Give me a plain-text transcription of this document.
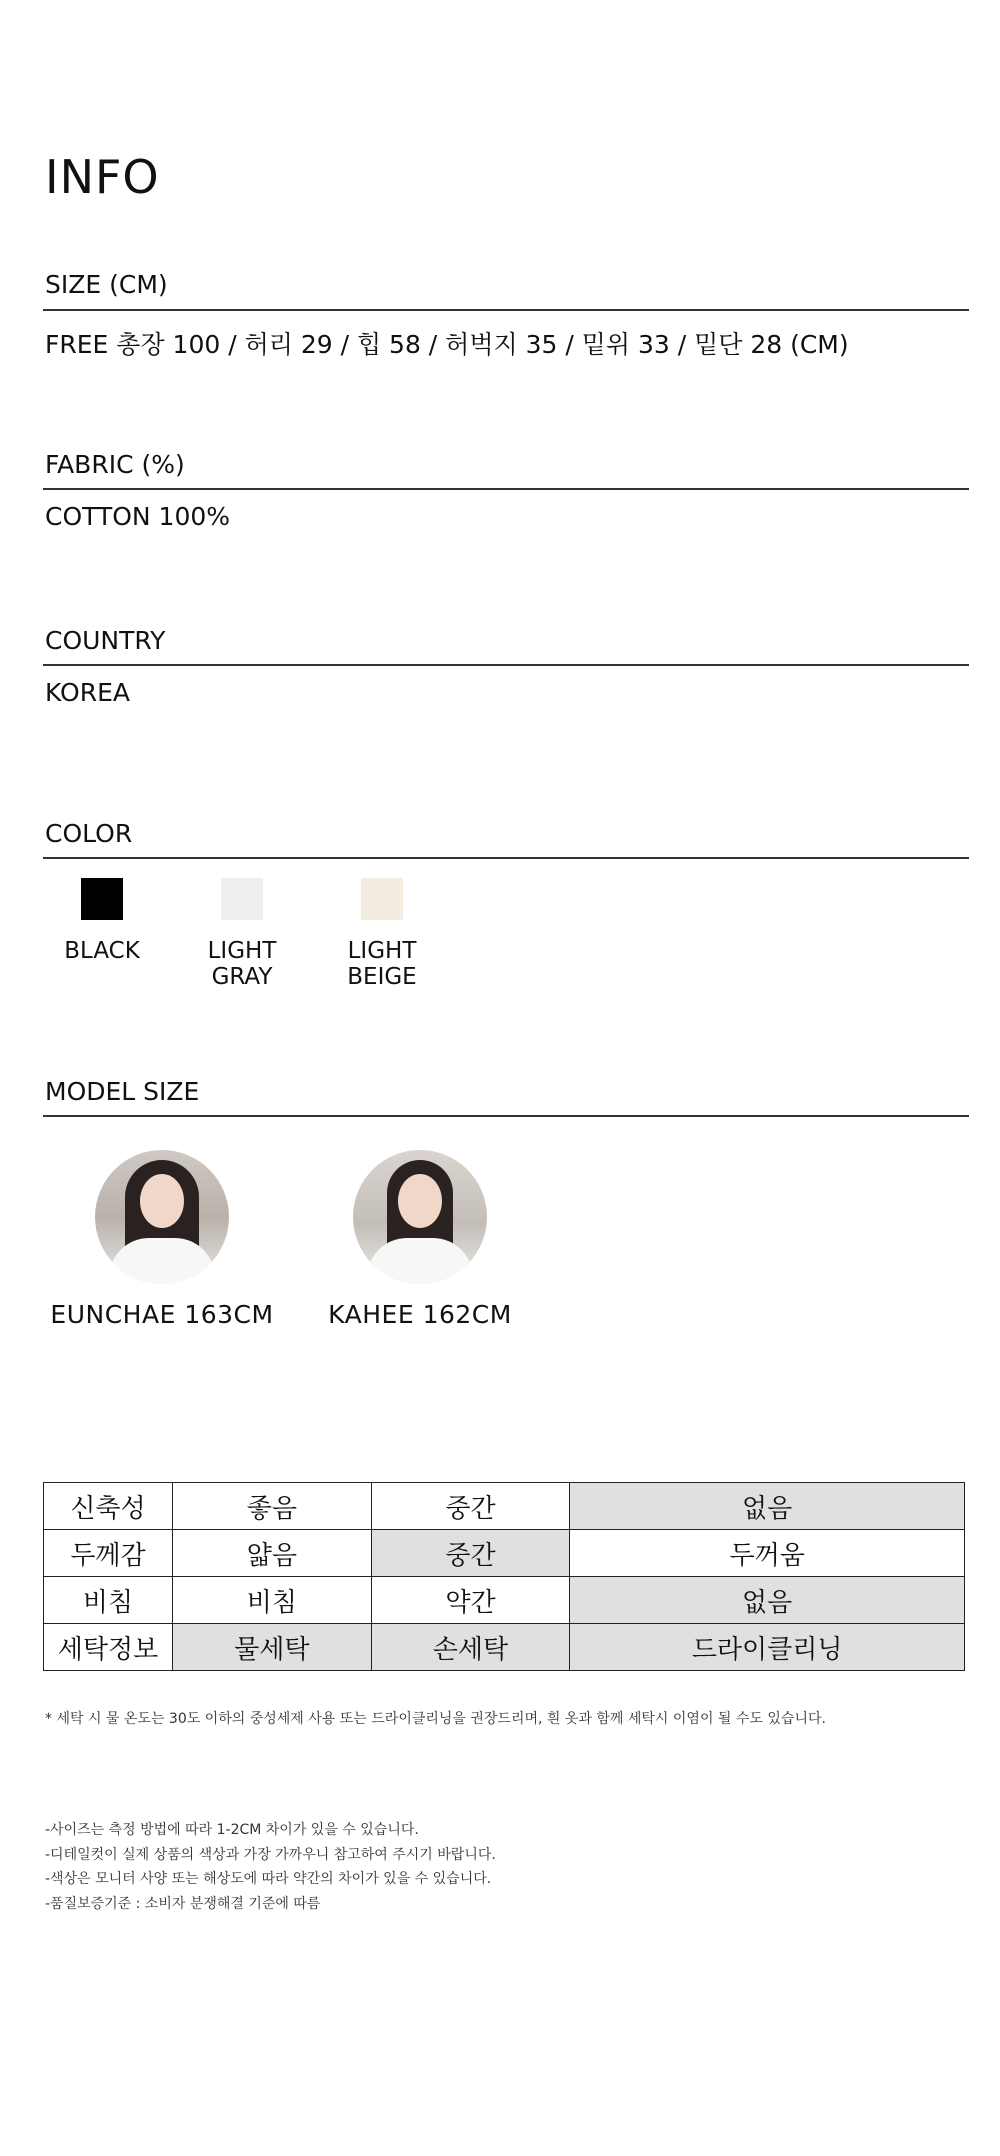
INFO
SIZE (CM)
FREE 총장 100 / 허리 29 / 힙 58 / 허벅지 35 / 밑위 33 / 밑단 28 (CM)
FABRIC (%)
COTTON 100%
COUNTRY
KOREA
COLOR
BLACK	LIGHT GRAY
LIGHT BEIGE
MODEL SIZE
EUNCHAE 163CM	KAHEE 162CM
신축성	좋음	중간	없음
두께감	얇음	중간	두꺼움
비침	비침	약간	없음
세탁정보	물세탁	손세탁	드라이클리닝
* 세탁 시 물 온도는 30도 이하의 중성세제 사용 또는 드라이클리닝을 권장드리며, 흰 옷과 함께 세탁시 이염이 될 수도 있습니다.
-사이즈는 측정 방법에 따라 1-2CM 차이가 있을 수 있습니다.
-디테일컷이 실제 상품의 색상과 가장 가까우니 참고하여 주시기 바랍니다.
-색상은 모니터 사양 또는 해상도에 따라 약간의 차이가 있을 수 있습니다.
-품질보증기준 : 소비자 분쟁해결 기준에 따름
